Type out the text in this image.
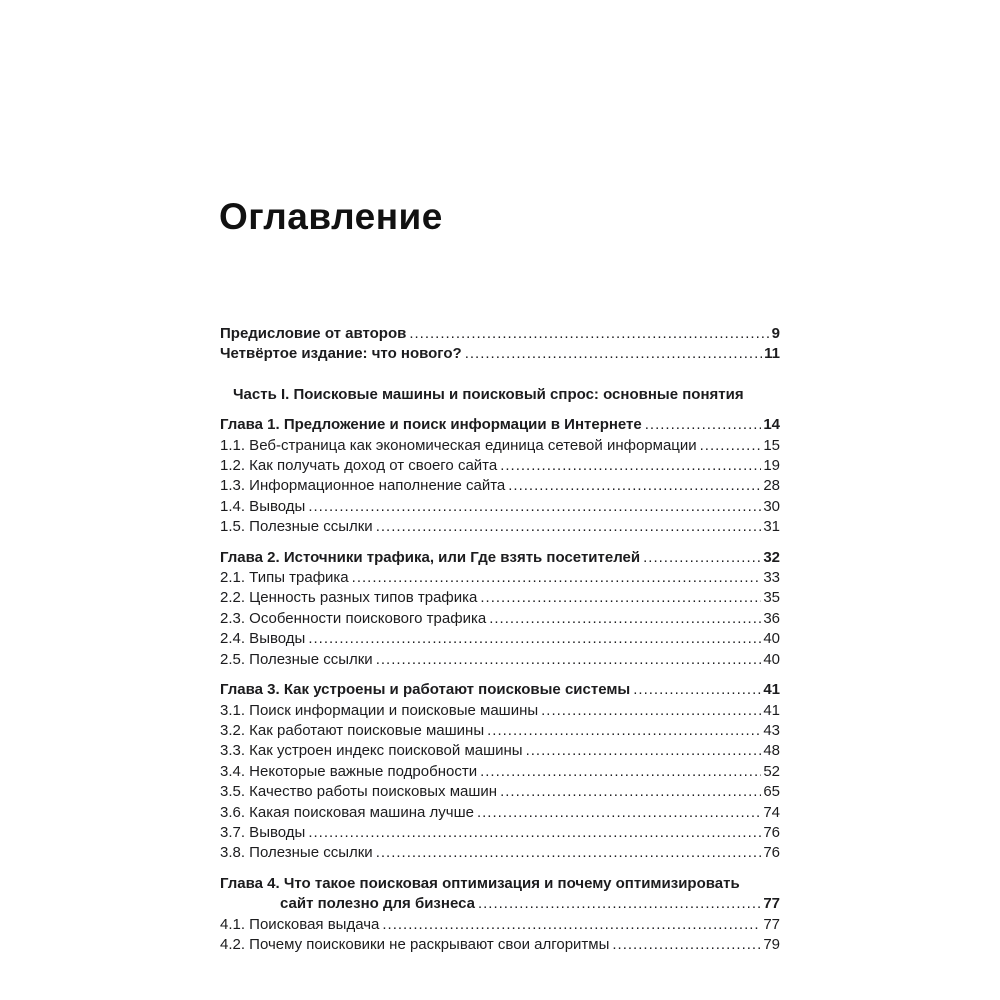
Оглавление
Предисловие от авторов .....	9
Четвёртое издание: что нового? .....	11
Часть I. Поисковые машины и поисковый спрос: основные понятия
Глава 1. Предложение и поиск информации в Интернете .....	14
1.1. Веб-страница как экономическая единица сетевой информации .....	15
1.2. Как получать доход от своего сайта .....	19
1.3. Информационное наполнение сайта .....	28
1.4. Выводы .....	30
1.5. Полезные ссылки .....	31
Глава 2. Источники трафика, или Где взять посетителей .....	32
2.1. Типы трафика .....	33
2.2. Ценность разных типов трафика .....	35
2.3. Особенности поискового трафика .....	36
2.4. Выводы .....	40
2.5. Полезные ссылки .....	40
Глава 3. Как устроены и работают поисковые системы .....	41
3.1. Поиск информации и поисковые машины .....	41
3.2. Как работают поисковые машины .....	43
3.3. Как устроен индекс поисковой машины .....	48
3.4. Некоторые важные подробности .....	52
3.5. Качество работы поисковых машин .....	65
3.6. Какая поисковая машина лучше .....	74
3.7. Выводы .....	76
3.8. Полезные ссылки .....	76
Глава 4. Что такое поисковая оптимизация и почему оптимизировать
сайт полезно для бизнеса .....	77
4.1. Поисковая выдача .....	77
4.2. Почему поисковики не раскрывают свои алгоритмы .....	79
